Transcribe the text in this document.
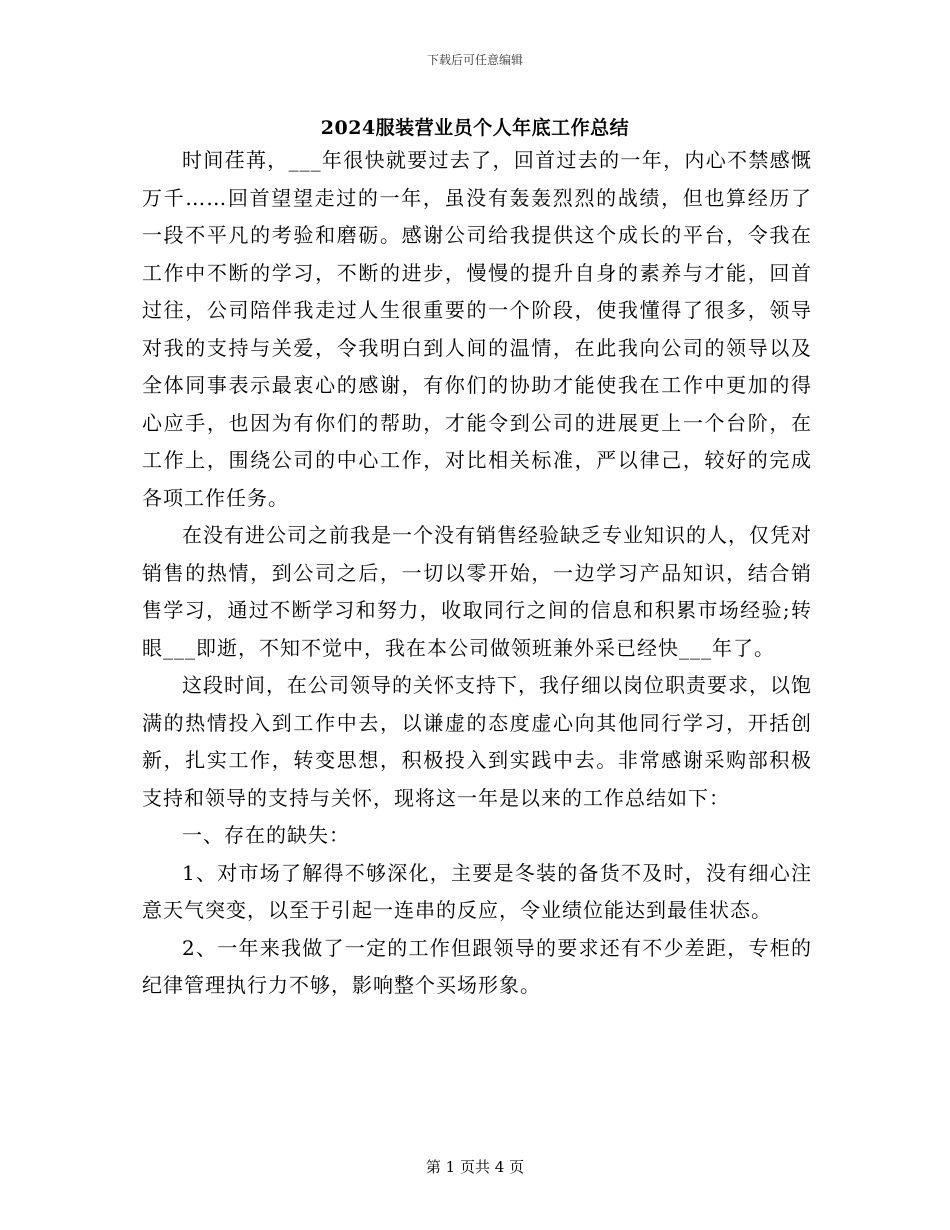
下载后可任意编辑
2024服装营业员个人年底工作总结

时间荏苒，___年很快就要过去了，回首过去的一年，内心不禁感慨万千……回首望望走过的一年，虽没有轰轰烈烈的战绩，但也算经历了一段不平凡的考验和磨砺。感谢公司给我提供这个成长的平台，令我在工作中不断的学习，不断的进步，慢慢的提升自身的素养与才能，回首过往，公司陪伴我走过人生很重要的一个阶段，使我懂得了很多，领导对我的支持与关爱，令我明白到人间的温情，在此我向公司的领导以及全体同事表示最衷心的感谢，有你们的协助才能使我在工作中更加的得心应手，也因为有你们的帮助，才能令到公司的进展更上一个台阶，在工作上，围绕公司的中心工作，对比相关标准，严以律己，较好的完成各项工作任务。

在没有进公司之前我是一个没有销售经验缺乏专业知识的人，仅凭对销售的热情，到公司之后，一切以零开始，一边学习产品知识，结合销售学习，通过不断学习和努力，收取同行之间的信息和积累市场经验;转眼___即逝，不知不觉中，我在本公司做领班兼外采已经快___年了。

这段时间，在公司领导的关怀支持下，我仔细以岗位职责要求，以饱满的热情投入到工作中去，以谦虚的态度虚心向其他同行学习，开括创新，扎实工作，转变思想，积极投入到实践中去。非常感谢采购部积极支持和领导的支持与关怀，现将这一年是以来的工作总结如下：

一、存在的缺失：

1、对市场了解得不够深化，主要是冬装的备货不及时，没有细心注意天气突变，以至于引起一连串的反应，令业绩位能达到最佳状态。

2、一年来我做了一定的工作但跟领导的要求还有不少差距，专柜的纪律管理执行力不够，影响整个买场形象。

第 1 页共 4 页
